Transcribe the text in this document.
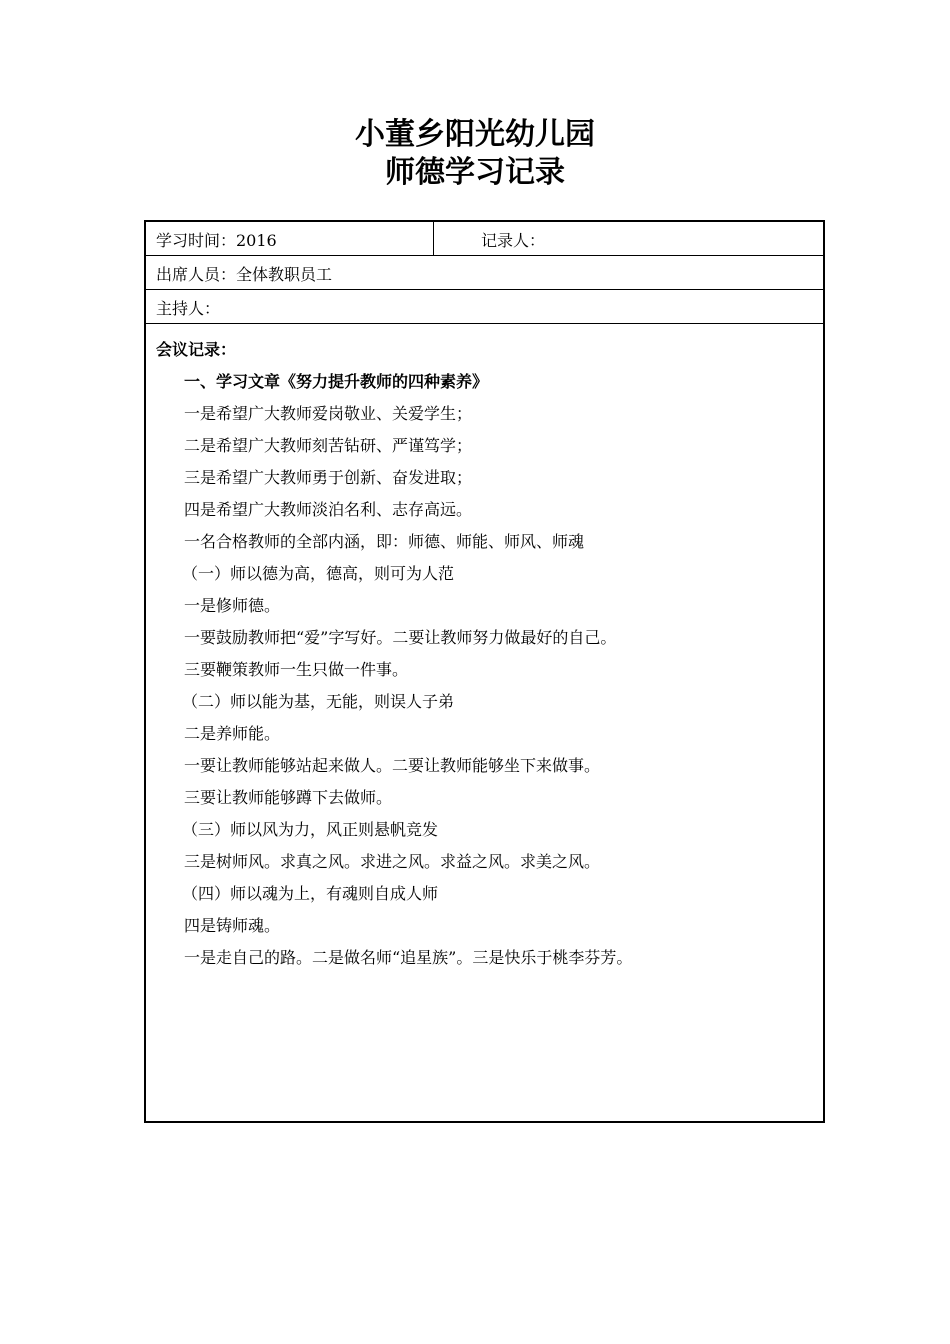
小董乡阳光幼儿园
师德学习记录
学习时间：2016	记录人：
出席人员：全体教职员工
主持人：
会议记录：
一、学习文章《努力提升教师的四种素养》
一是希望广大教师爱岗敬业、关爱学生；
二是希望广大教师刻苦钻研、严谨笃学；
三是希望广大教师勇于创新、奋发进取；
四是希望广大教师淡泊名利、志存高远。
一名合格教师的全部内涵，即：师德、师能、师风、师魂
（一）师以德为高，德高，则可为人范
一是修师德。
一要鼓励教师把“爱”字写好。二要让教师努力做最好的自己。
三要鞭策教师一生只做一件事。
（二）师以能为基，无能，则误人子弟
二是养师能。
一要让教师能够站起来做人。二要让教师能够坐下来做事。
三要让教师能够蹲下去做师。
（三）师以风为力，风正则悬帆竞发
三是树师风。求真之风。求进之风。求益之风。求美之风。
（四）师以魂为上，有魂则自成人师
四是铸师魂。
一是走自己的路。二是做名师“追星族”。三是快乐于桃李芬芳。
